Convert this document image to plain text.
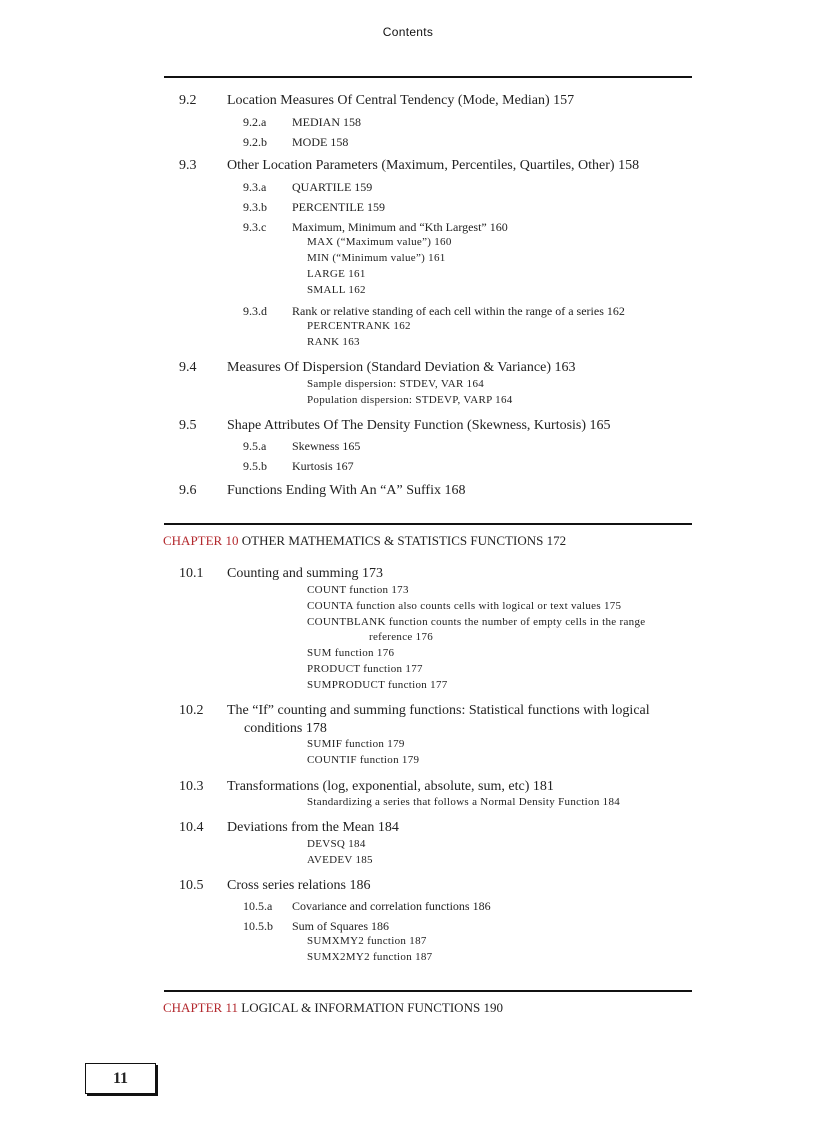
Contents
9.2 Location Measures Of Central Tendency (Mode, Median) 157
9.2.a MEDIAN 158
9.2.b MODE 158
9.3 Other Location Parameters (Maximum, Percentiles, Quartiles, Other) 158
9.3.a QUARTILE 159
9.3.b PERCENTILE 159
9.3.c Maximum, Minimum and “Kth Largest” 160
MAX (“Maximum value”) 160
MIN (“Minimum value”) 161
LARGE 161
SMALL 162
9.3.d Rank or relative standing of each cell within the range of a series 162
PERCENTRANK 162
RANK 163
9.4 Measures Of Dispersion (Standard Deviation & Variance) 163
Sample dispersion: STDEV, VAR 164
Population dispersion: STDEVP, VARP 164
9.5 Shape Attributes Of The Density Function (Skewness, Kurtosis) 165
9.5.a Skewness 165
9.5.b Kurtosis 167
9.6 Functions Ending With An “A” Suffix 168
CHAPTER 10 OTHER MATHEMATICS & STATISTICS FUNCTIONS 172
10.1 Counting and summing 173
COUNT function 173
COUNTA function also counts cells with logical or text values 175
COUNTBLANK function counts the number of empty cells in the range
reference 176
SUM function 176
PRODUCT function 177
SUMPRODUCT function 177
10.2 The “If” counting and summing functions: Statistical functions with logical
conditions 178
SUMIF function 179
COUNTIF function 179
10.3 Transformations (log, exponential, absolute, sum, etc) 181
Standardizing a series that follows a Normal Density Function 184
10.4 Deviations from the Mean 184
DEVSQ 184
AVEDEV 185
10.5 Cross series relations 186
10.5.a Covariance and correlation functions 186
10.5.b Sum of Squares 186
SUMXMY2 function 187
SUMX2MY2 function 187
CHAPTER 11 LOGICAL & INFORMATION FUNCTIONS 190
11
